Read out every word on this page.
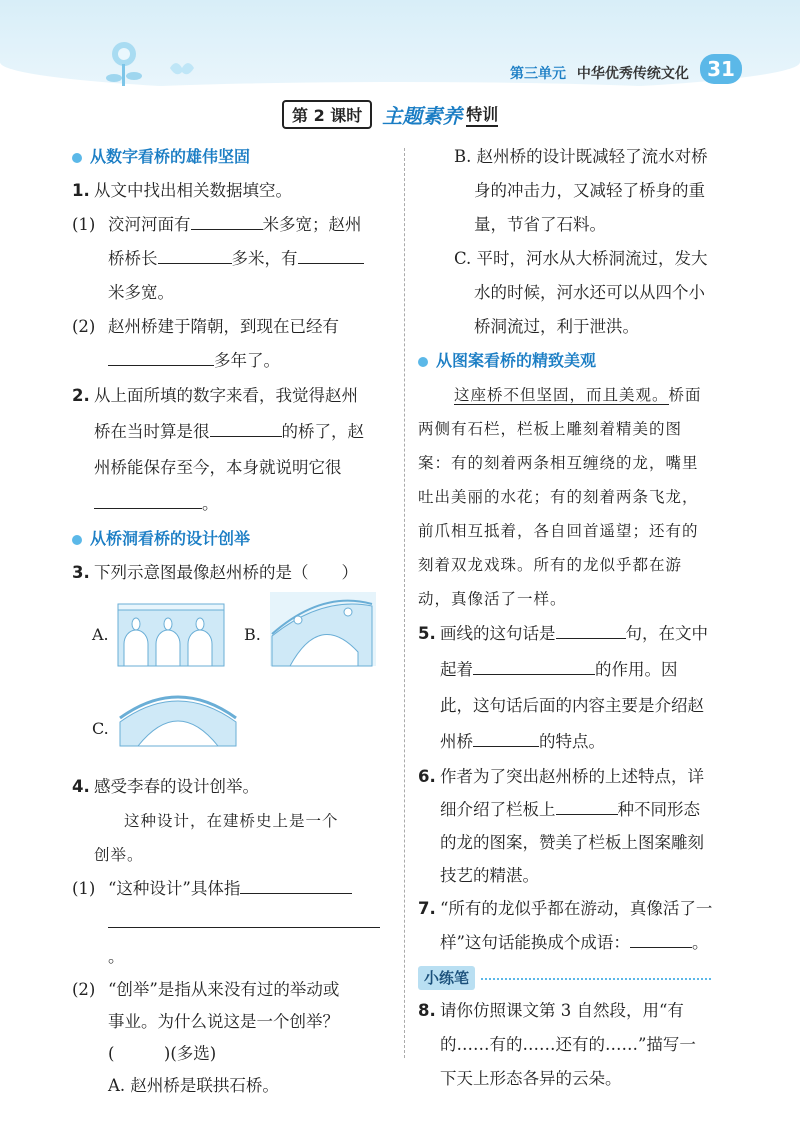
第三单元 中华优秀传统文化 31
第 2 课时	主题素养 特训
从数字看桥的雄伟坚固
1. 从文中找出相关数据填空。
(1) 洨河河面有	米多宽；赵州
桥桥长	多米，有
米多宽。
(2) 赵州桥建于隋朝，到现在已经有
多年了。
2. 从上面所填的数字来看，我觉得赵州
桥在当时算是很	的桥了，赵
州桥能保存至今，本身就说明它很
。
从桥洞看桥的设计创举
3. 下列示意图最像赵州桥的是（　　）
A.	B.
C.
4. 感受李春的设计创举。
这种设计，在建桥史上是一个
创举。
(1) “这种设计”具体指
。
(2) “创举”是指从来没有过的举动或
事业。为什么说这是一个创举？
(　　　)(多选)
A. 赵州桥是联拱石桥。
B. 赵州桥的设计既减轻了流水对桥
身的冲击力，又减轻了桥身的重
量，节省了石料。
C. 平时，河水从大桥洞流过，发大
水的时候，河水还可以从四个小
桥洞流过，利于泄洪。
从图案看桥的精致美观
这座桥不但坚固，而且美观。桥面
两侧有石栏，栏板上雕刻着精美的图
案：有的刻着两条相互缠绕的龙，嘴里
吐出美丽的水花；有的刻着两条飞龙，
前爪相互抵着，各自回首遥望；还有的
刻着双龙戏珠。所有的龙似乎都在游
动，真像活了一样。
5. 画线的这句话是	句，在文中
起着	的作用。因
此，这句话后面的内容主要是介绍赵
州桥	的特点。
6. 作者为了突出赵州桥的上述特点，详
细介绍了栏板上	种不同形态
的龙的图案，赞美了栏板上图案雕刻
技艺的精湛。
7. “所有的龙似乎都在游动，真像活了一
样”这句话能换成个成语：	。
小练笔
8. 请你仿照课文第 3 自然段，用“有
的……有的……还有的……”描写一
下天上形态各异的云朵。
